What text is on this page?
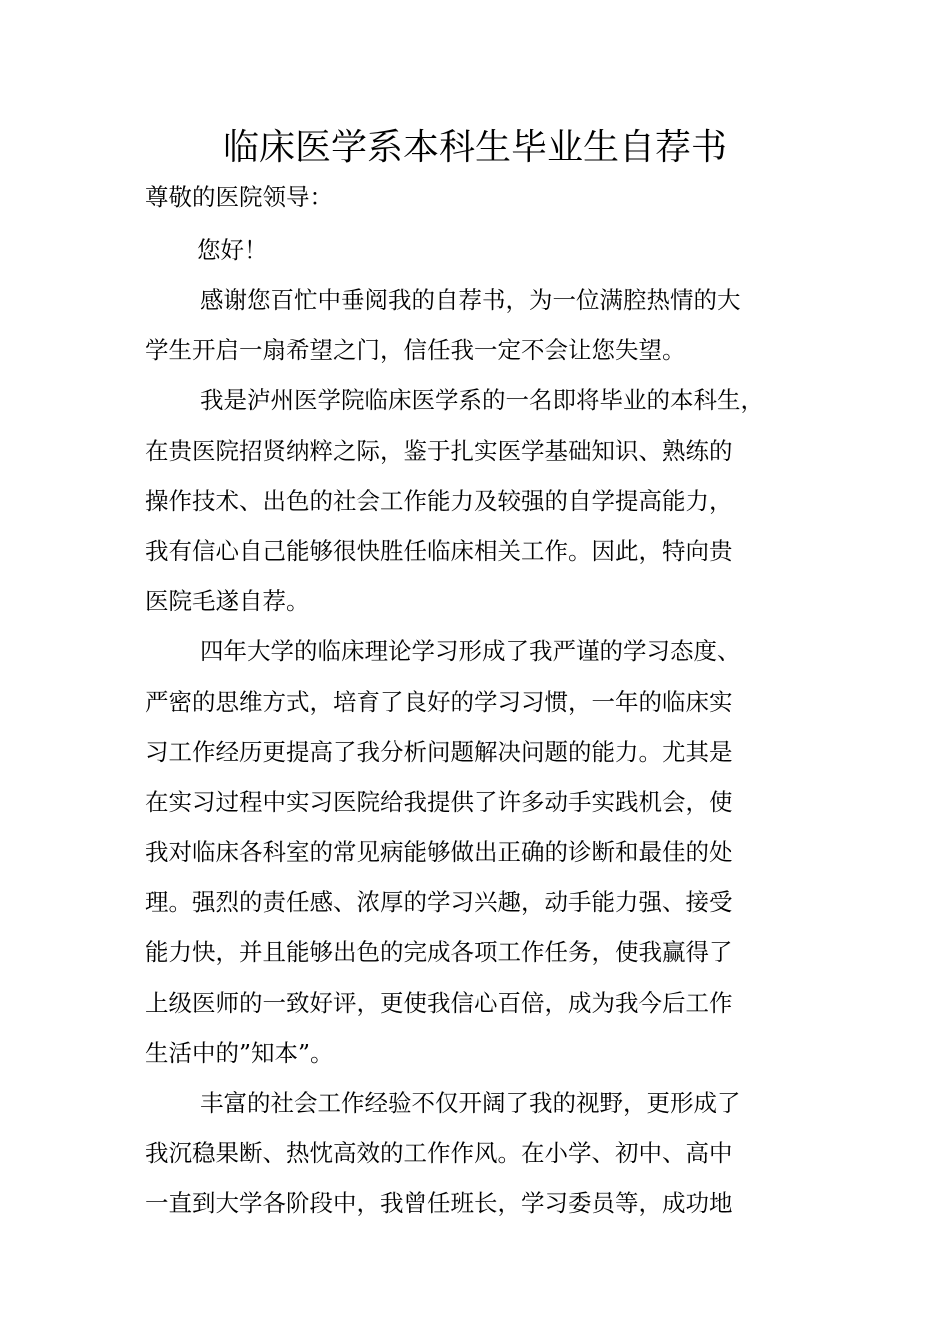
临床医学系本科生毕业生自荐书

尊敬的医院领导：

您好！

感谢您百忙中垂阅我的自荐书，为一位满腔热情的大
学生开启一扇希望之门，信任我一定不会让您失望。

我是泸州医学院临床医学系的一名即将毕业的本科生，
在贵医院招贤纳粹之际，鉴于扎实医学基础知识、熟练的
操作技术、出色的社会工作能力及较强的自学提高能力，
我有信心自己能够很快胜任临床相关工作。因此，特向贵
医院毛遂自荐。

四年大学的临床理论学习形成了我严谨的学习态度、
严密的思维方式，培育了良好的学习习惯，一年的临床实
习工作经历更提高了我分析问题解决问题的能力。尤其是
在实习过程中实习医院给我提供了许多动手实践机会，使
我对临床各科室的常见病能够做出正确的诊断和最佳的处
理。强烈的责任感、浓厚的学习兴趣，动手能力强、接受
能力快，并且能够出色的完成各项工作任务，使我赢得了
上级医师的一致好评，更使我信心百倍，成为我今后工作
生活中的”知本”。

丰富的社会工作经验不仅开阔了我的视野，更形成了
我沉稳果断、热忱高效的工作作风。在小学、初中、高中
一直到大学各阶段中，我曾任班长，学习委员等，成功地
